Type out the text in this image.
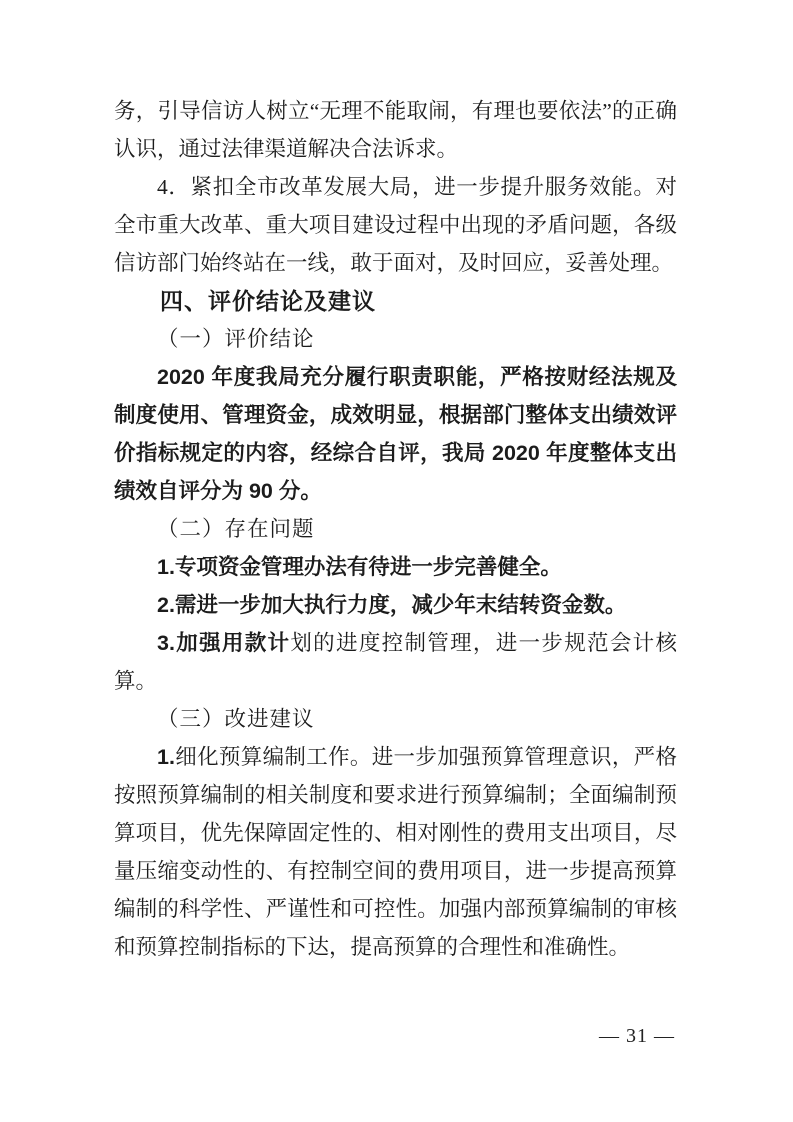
务，引导信访人树立“无理不能取闹，有理也要依法”的正确认识，通过法律渠道解决合法诉求。

4．紧扣全市改革发展大局，进一步提升服务效能。对全市重大改革、重大项目建设过程中出现的矛盾问题，各级信访部门始终站在一线，敢于面对，及时回应，妥善处理。

四、评价结论及建议

（一）评价结论

2020 年度我局充分履行职责职能，严格按财经法规及制度使用、管理资金，成效明显，根据部门整体支出绩效评价指标规定的内容，经综合自评，我局 2020 年度整体支出绩效自评分为 90 分。

（二）存在问题

1.专项资金管理办法有待进一步完善健全。

2.需进一步加大执行力度，减少年末结转资金数。

3.加强用款计划的进度控制管理，进一步规范会计核算。

（三）改进建议

1.细化预算编制工作。进一步加强预算管理意识，严格按照预算编制的相关制度和要求进行预算编制；全面编制预算项目，优先保障固定性的、相对刚性的费用支出项目，尽量压缩变动性的、有控制空间的费用项目，进一步提高预算编制的科学性、严谨性和可控性。加强内部预算编制的审核和预算控制指标的下达，提高预算的合理性和准确性。

— 31 —
